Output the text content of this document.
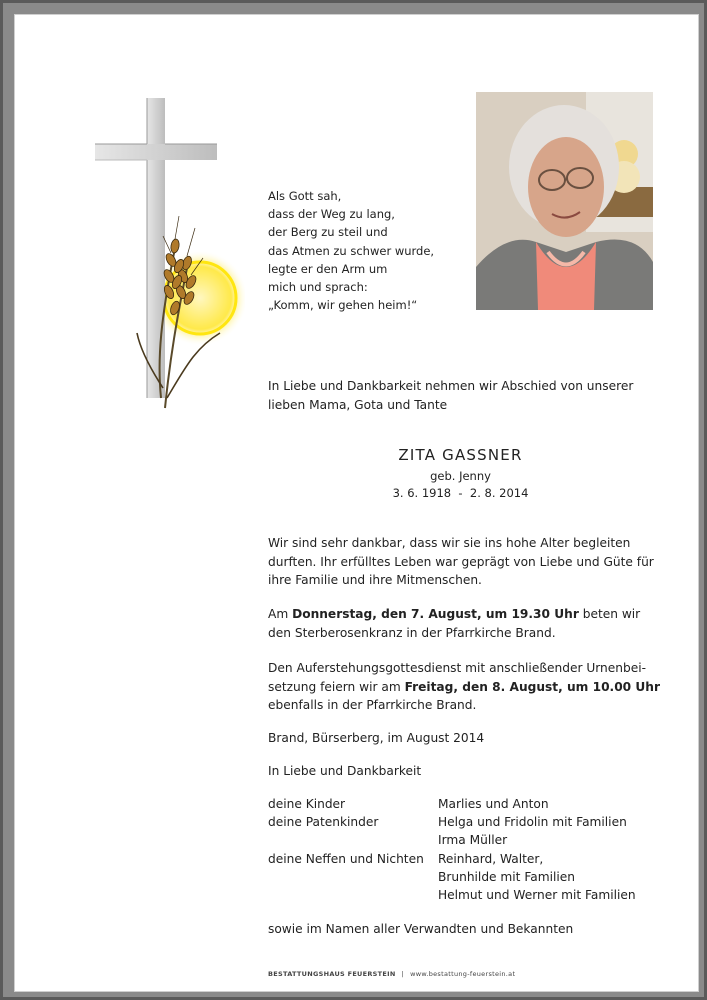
Als Gott sah,
dass der Weg zu lang,
der Berg zu steil und
das Atmen zu schwer wurde,
legte er den Arm um
mich und sprach:
„Komm, wir gehen heim!“
In Liebe und Dankbarkeit nehmen wir Abschied von unserer lieben Mama, Gota und Tante
ZITA GASSNER
geb. Jenny
3. 6. 1918  -  2. 8. 2014
Wir sind sehr dankbar, dass wir sie ins hohe Alter begleiten durften. Ihr erfülltes Leben war geprägt von Liebe und Güte für ihre Familie und ihre Mitmenschen.
Am Donnerstag, den 7. August, um 19.30 Uhr beten wir den Sterberosenkranz in der Pfarrkirche Brand.
Den Auferstehungsgottesdienst mit anschließender Urnenbei-
setzung feiern wir am Freitag, den 8. August, um 10.00 Uhr
ebenfalls in der Pfarrkirche Brand.
Brand, Bürserberg, im August 2014
In Liebe und Dankbarkeit
deine Kinder	Marlies und Anton
deine Patenkinder	Helga und Fridolin mit Familien
Irma Müller
deine Neffen und Nichten Reinhard, Walter,
Brunhilde mit Familien
Helmut und Werner mit Familien
sowie im Namen aller Verwandten und Bekannten
BESTATTUNGSHAUS FEUERSTEIN | www.bestattung-feuerstein.at
